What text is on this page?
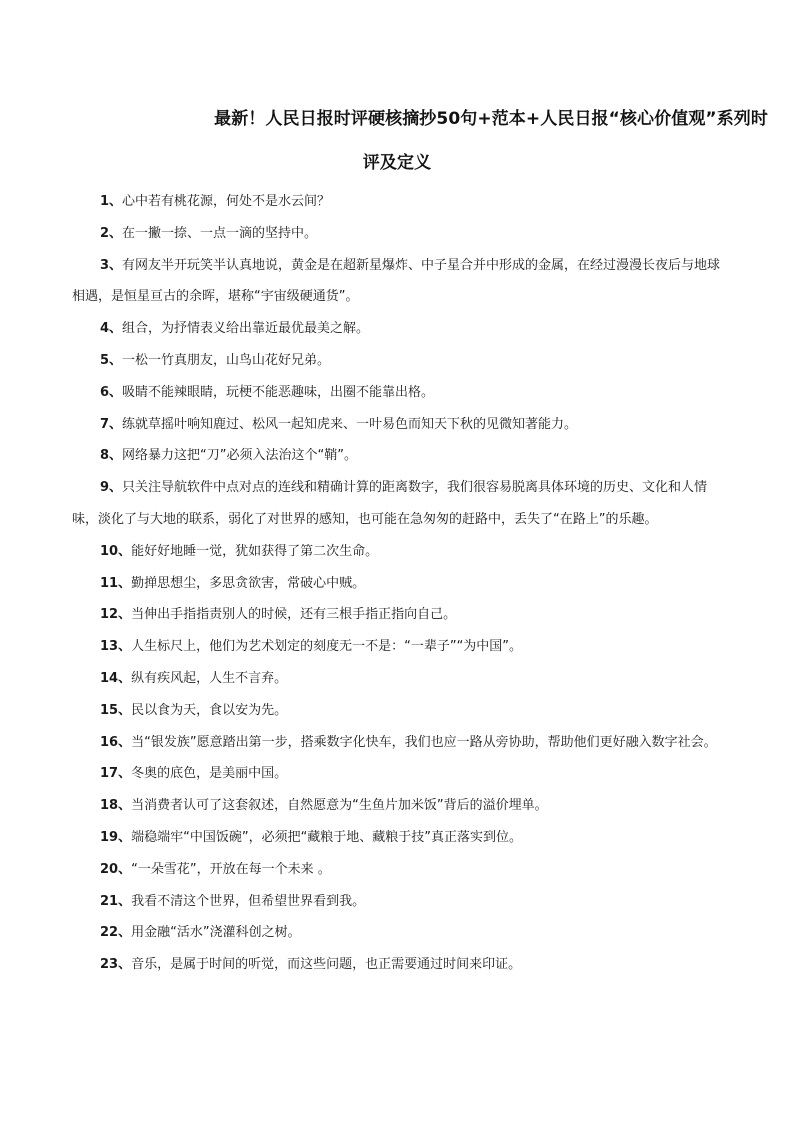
最新！人民日报时评硬核摘抄50句+范本+人民日报“核心价值观”系列时
评及定义
1、心中若有桃花源，何处不是水云间？
2、在一撇一捺、一点一滴的坚持中。
3、有网友半开玩笑半认真地说，黄金是在超新星爆炸、中子星合并中形成的金属，在经过漫漫长夜后与地球相遇，是恒星亘古的余晖，堪称“宇宙级硬通货”。
4、组合，为抒情表义给出靠近最优最美之解。
5、一松一竹真朋友，山鸟山花好兄弟。
6、吸睛不能辣眼睛，玩梗不能恶趣味，出圈不能靠出格。
7、练就草摇叶响知鹿过、松风一起知虎来、一叶易色而知天下秋的见微知著能力。
8、网络暴力这把“刀”必须入法治这个“鞘”。
9、只关注导航软件中点对点的连线和精确计算的距离数字，我们很容易脱离具体环境的历史、文化和人情味，淡化了与大地的联系，弱化了对世界的感知，也可能在急匆匆的赶路中，丢失了“在路上”的乐趣。
10、能好好地睡一觉，犹如获得了第二次生命。
11、勤掸思想尘，多思贪欲害，常破心中贼。
12、当伸出手指指责别人的时候，还有三根手指正指向自己。
13、人生标尺上，他们为艺术划定的刻度无一不是：“一辈子”“为中国”。
14、纵有疾风起，人生不言弃。
15、民以食为天，食以安为先。
16、当“银发族”愿意踏出第一步，搭乘数字化快车，我们也应一路从旁协助，帮助他们更好融入数字社会。
17、冬奥的底色，是美丽中国。
18、当消费者认可了这套叙述，自然愿意为“生鱼片加米饭”背后的溢价埋单。
19、端稳端牢“中国饭碗”，必须把“藏粮于地、藏粮于技”真正落实到位。
20、“一朵雪花”，开放在每一个未来 。
21、我看不清这个世界，但希望世界看到我。
22、用金融“活水”浇灌科创之树。
23、音乐，是属于时间的听觉，而这些问题，也正需要通过时间来印证。
